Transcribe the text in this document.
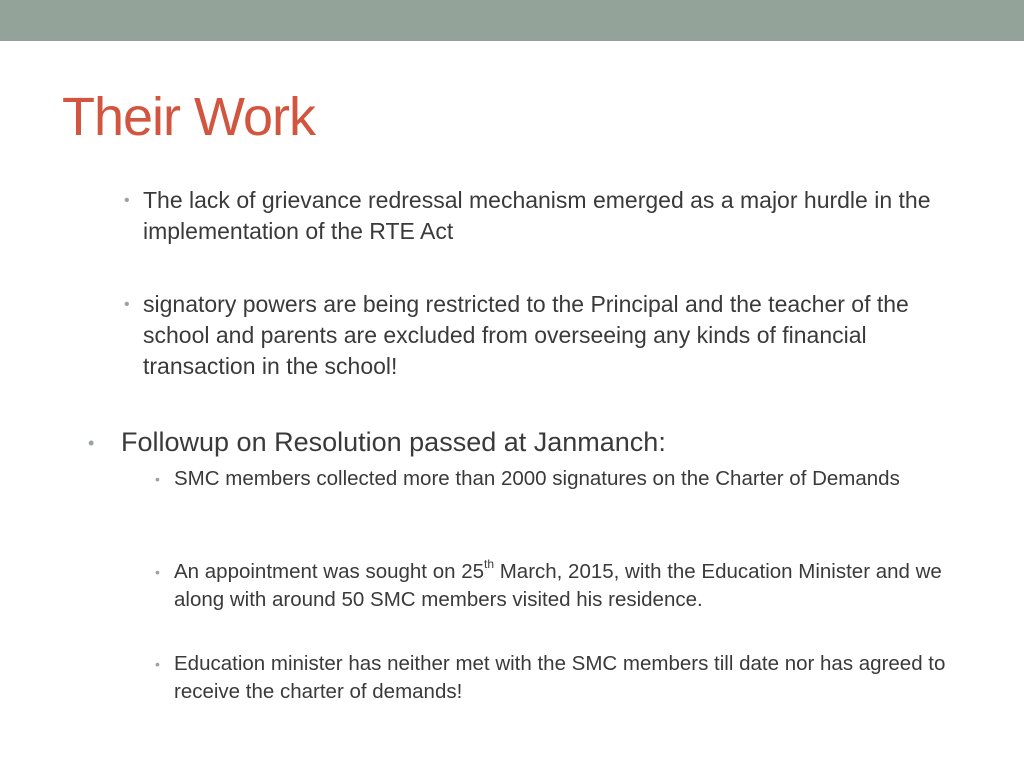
Their Work

• The lack of grievance redressal mechanism emerged as a major hurdle in the implementation of the RTE Act

• signatory powers are being restricted to the Principal and the teacher of the school and parents are excluded from overseeing any kinds of financial transaction in the school!

• Followup on Resolution passed at Janmanch:

• SMC members collected more than 2000 signatures on the Charter of Demands

• An appointment was sought on 25th March, 2015, with the Education Minister and we along with around 50 SMC members visited his residence.

• Education minister has neither met with the SMC members till date nor has agreed to receive the charter of demands!
